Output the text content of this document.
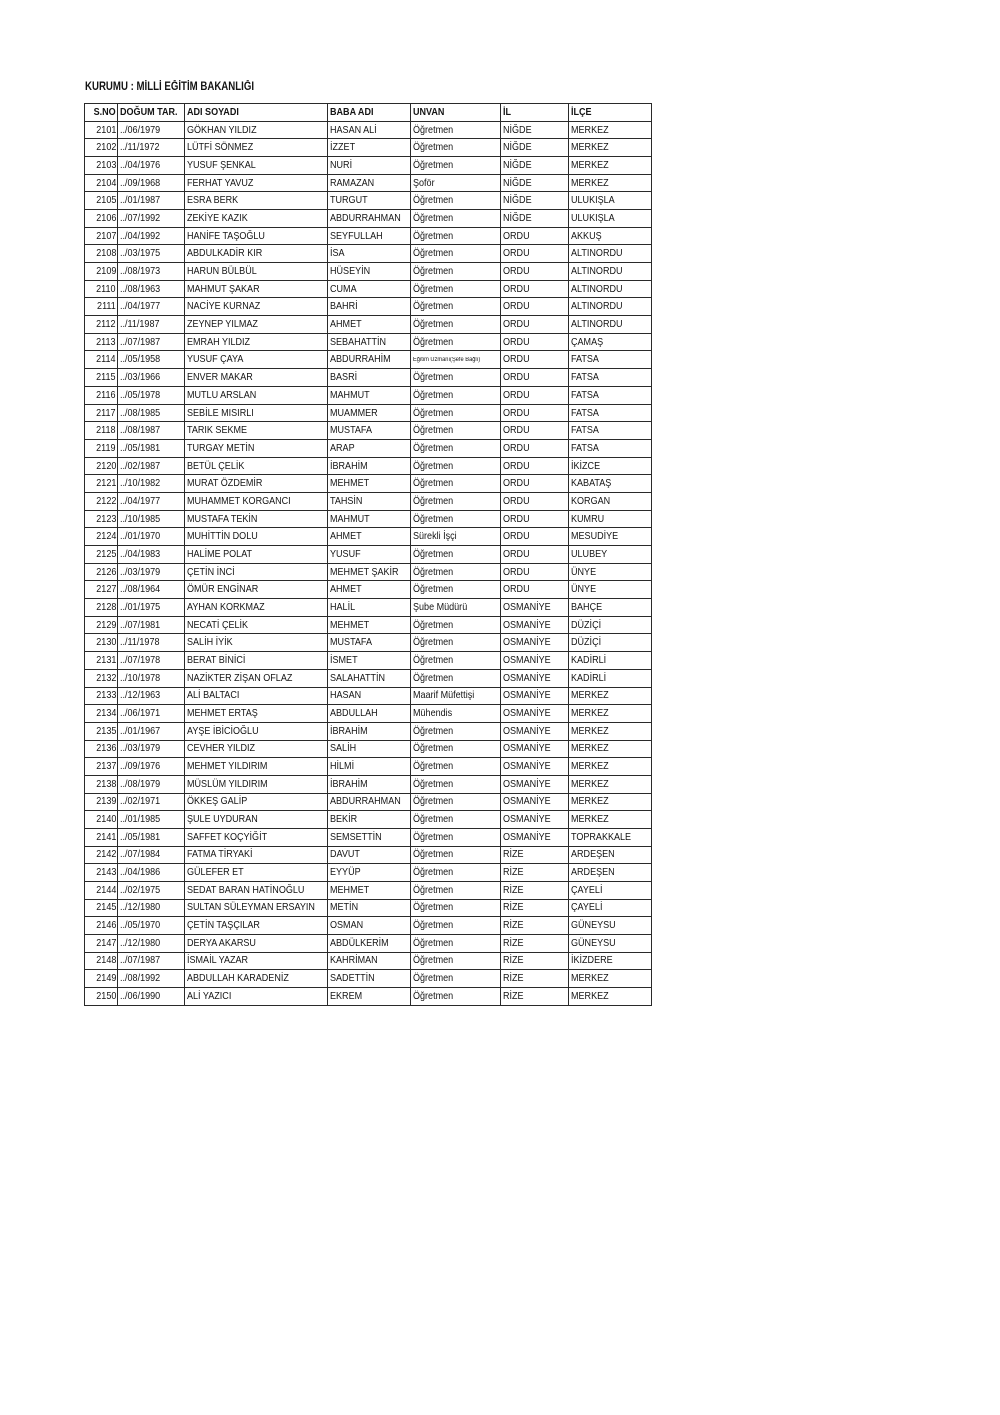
KURUMU : MİLLİ EĞİTİM BAKANLIĞI
S.NO	DOĞUM TAR.	ADI SOYADI	BABA ADI	UNVAN	İL	İLÇE
2101	../06/1979	GÖKHAN YILDIZ	HASAN ALİ	Öğretmen	NİĞDE	MERKEZ
2102	../11/1972	LÜTFİ SÖNMEZ	İZZET	Öğretmen	NİĞDE	MERKEZ
2103	../04/1976	YUSUF ŞENKAL	NURİ	Öğretmen	NİĞDE	MERKEZ
2104	../09/1968	FERHAT YAVUZ	RAMAZAN	Şoför	NİĞDE	MERKEZ
2105	../01/1987	ESRA BERK	TURGUT	Öğretmen	NİĞDE	ULUKIŞLA
2106	../07/1992	ZEKİYE KAZIK	ABDURRAHMAN	Öğretmen	NİĞDE	ULUKIŞLA
2107	../04/1992	HANİFE TAŞOĞLU	SEYFULLAH	Öğretmen	ORDU	AKKUŞ
2108	../03/1975	ABDULKADİR KIR	İSA	Öğretmen	ORDU	ALTINORDU
2109	../08/1973	HARUN BÜLBÜL	HÜSEYİN	Öğretmen	ORDU	ALTINORDU
2110	../08/1963	MAHMUT ŞAKAR	CUMA	Öğretmen	ORDU	ALTINORDU
2111	../04/1977	NACİYE KURNAZ	BAHRİ	Öğretmen	ORDU	ALTINORDU
2112	../11/1987	ZEYNEP YILMAZ	AHMET	Öğretmen	ORDU	ALTINORDU
2113	../07/1987	EMRAH YILDIZ	SEBAHATTİN	Öğretmen	ORDU	ÇAMAŞ
2114	../05/1958	YUSUF ÇAYA	ABDURRAHİM	Eğitim Uzmanı(Şefe Bağlı)	ORDU	FATSA
2115	../03/1966	ENVER MAKAR	BASRİ	Öğretmen	ORDU	FATSA
2116	../05/1978	MUTLU ARSLAN	MAHMUT	Öğretmen	ORDU	FATSA
2117	../08/1985	SEBİLE MISIRLI	MUAMMER	Öğretmen	ORDU	FATSA
2118	../08/1987	TARIK SEKME	MUSTAFA	Öğretmen	ORDU	FATSA
2119	../05/1981	TURGAY METİN	ARAP	Öğretmen	ORDU	FATSA
2120	../02/1987	BETÜL ÇELİK	İBRAHİM	Öğretmen	ORDU	İKİZCE
2121	../10/1982	MURAT ÖZDEMİR	MEHMET	Öğretmen	ORDU	KABATAŞ
2122	../04/1977	MUHAMMET KORGANCI	TAHSİN	Öğretmen	ORDU	KORGAN
2123	../10/1985	MUSTAFA TEKİN	MAHMUT	Öğretmen	ORDU	KUMRU
2124	../01/1970	MUHİTTİN DOLU	AHMET	Sürekli İşçi	ORDU	MESUDİYE
2125	../04/1983	HALİME POLAT	YUSUF	Öğretmen	ORDU	ULUBEY
2126	../03/1979	ÇETİN İNCİ	MEHMET ŞAKİR	Öğretmen	ORDU	ÜNYE
2127	../08/1964	ÖMÜR ENGİNAR	AHMET	Öğretmen	ORDU	ÜNYE
2128	../01/1975	AYHAN KORKMAZ	HALİL	Şube Müdürü	OSMANİYE	BAHÇE
2129	../07/1981	NECATİ ÇELİK	MEHMET	Öğretmen	OSMANİYE	DÜZİÇİ
2130	../11/1978	SALİH İYİK	MUSTAFA	Öğretmen	OSMANİYE	DÜZİÇİ
2131	../07/1978	BERAT BİNİCİ	İSMET	Öğretmen	OSMANİYE	KADİRLİ
2132	../10/1978	NAZİKTER ZİŞAN OFLAZ	SALAHATTİN	Öğretmen	OSMANİYE	KADİRLİ
2133	../12/1963	ALİ BALTACI	HASAN	Maarif Müfettişi	OSMANİYE	MERKEZ
2134	../06/1971	MEHMET ERTAŞ	ABDULLAH	Mühendis	OSMANİYE	MERKEZ
2135	../01/1967	AYŞE İBİCİOĞLU	İBRAHİM	Öğretmen	OSMANİYE	MERKEZ
2136	../03/1979	CEVHER YILDIZ	SALİH	Öğretmen	OSMANİYE	MERKEZ
2137	../09/1976	MEHMET YILDIRIM	HİLMİ	Öğretmen	OSMANİYE	MERKEZ
2138	../08/1979	MÜSLÜM YILDIRIM	İBRAHİM	Öğretmen	OSMANİYE	MERKEZ
2139	../02/1971	ÖKKEŞ GALİP	ABDURRAHMAN	Öğretmen	OSMANİYE	MERKEZ
2140	../01/1985	ŞULE UYDURAN	BEKİR	Öğretmen	OSMANİYE	MERKEZ
2141	../05/1981	SAFFET KOÇYİĞİT	SEMSETTİN	Öğretmen	OSMANİYE	TOPRAKKALE
2142	../07/1984	FATMA TİRYAKİ	DAVUT	Öğretmen	RİZE	ARDEŞEN
2143	../04/1986	GÜLEFER ET	EYYÜP	Öğretmen	RİZE	ARDEŞEN
2144	../02/1975	SEDAT BARAN HATİNOĞLU	MEHMET	Öğretmen	RİZE	ÇAYELİ
2145	../12/1980	SULTAN SÜLEYMAN ERSAYIN	METİN	Öğretmen	RİZE	ÇAYELİ
2146	../05/1970	ÇETİN TAŞÇILAR	OSMAN	Öğretmen	RİZE	GÜNEYSU
2147	../12/1980	DERYA AKARSU	ABDÜLKERİM	Öğretmen	RİZE	GÜNEYSU
2148	../07/1987	İSMAİL YAZAR	KAHRİMAN	Öğretmen	RİZE	İKİZDERE
2149	../08/1992	ABDULLAH KARADENİZ	SADETTİN	Öğretmen	RİZE	MERKEZ
2150	../06/1990	ALİ YAZICI	EKREM	Öğretmen	RİZE	MERKEZ
